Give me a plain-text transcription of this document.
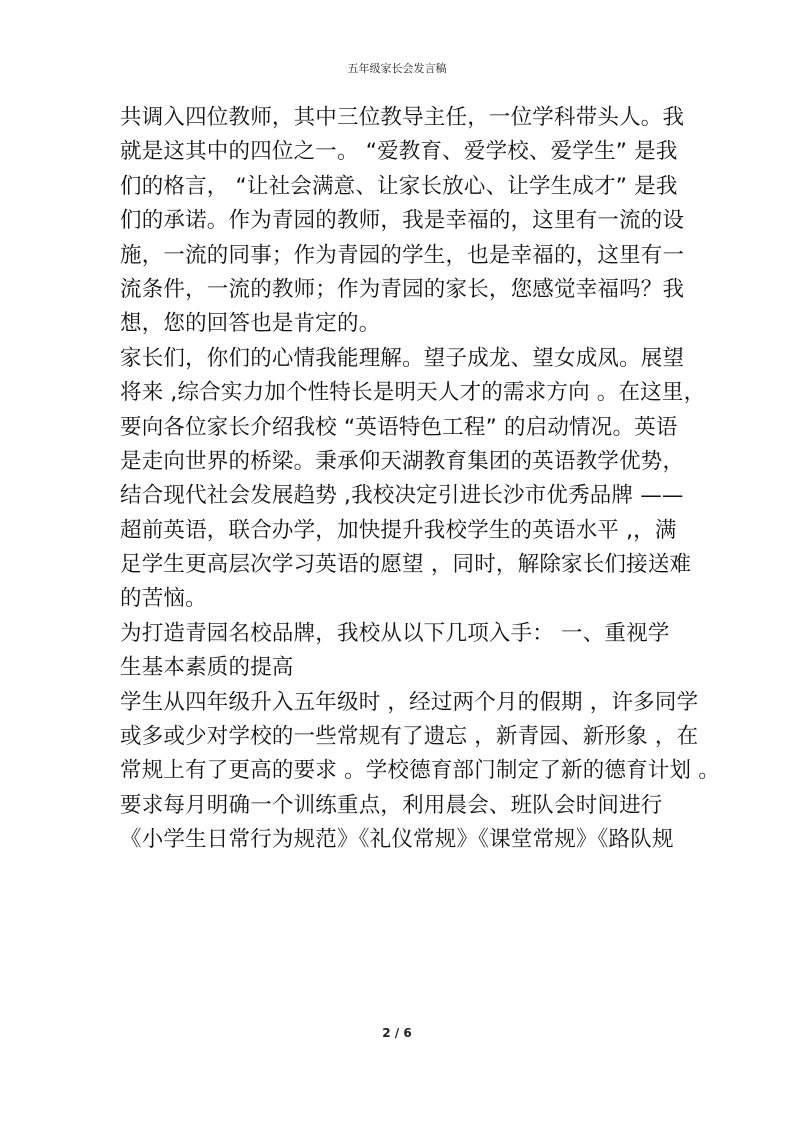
五年级家长会发言稿
共调入四位教师，其中三位教导主任，一位学科带头人。我
就是这其中的四位之一。 “爱教育、爱学校、爱学生” 是我
们的格言， “让社会满意、让家长放心、让学生成才” 是我
们的承诺。作为青园的教师，我是幸福的，这里有一流的设
施，一流的同事；作为青园的学生，也是幸福的，这里有一
流条件，一流的教师；作为青园的家长，您感觉幸福吗？我
想，您的回答也是肯定的。
家长们，你们的心情我能理解。望子成龙、望女成凤。展望
将来 ,综合实力加个性特长是明天人才的需求方向 。在这里，
要向各位家长介绍我校 “英语特色工程” 的启动情况。英语
是走向世界的桥梁。秉承仰天湖教育集团的英语教学优势，
结合现代社会发展趋势 ,我校决定引进长沙市优秀品牌 ——
超前英语，联合办学，加快提升我校学生的英语水平 ,，满
足学生更高层次学习英语的愿望 ，同时，解除家长们接送难
的苦恼。
为打造青园名校品牌，我校从以下几项入手： 一、重视学
生基本素质的提高
学生从四年级升入五年级时 ，经过两个月的假期 ，许多同学
或多或少对学校的一些常规有了遗忘 ，新青园、新形象 ，在
常规上有了更高的要求 。学校德育部门制定了新的德育计划 。
要求每月明确一个训练重点，利用晨会、班队会时间进行
《小学生日常行为规范》《礼仪常规》《课堂常规》《路队规
2 / 6
